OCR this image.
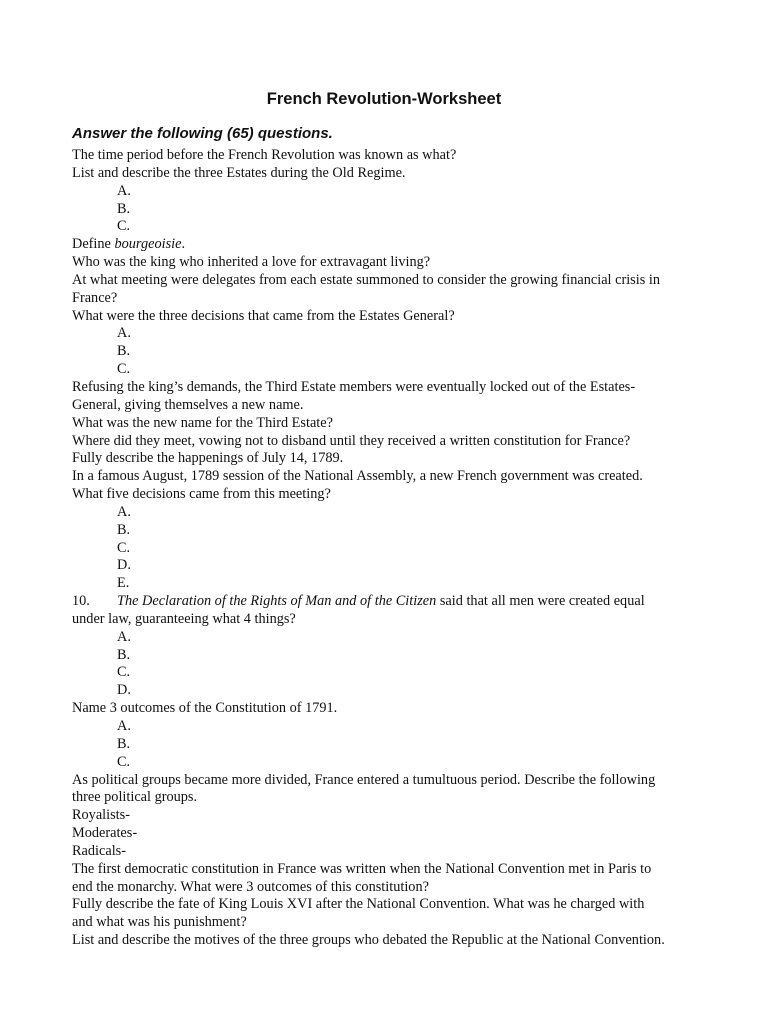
French Revolution-Worksheet
Answer the following (65) questions.

The time period before the French Revolution was known as what?

List and describe the three Estates during the Old Regime.

A.

B.

C.

Define bourgeoisie.

Who was the king who inherited a love for extravagant living?

At what meeting were delegates from each estate summoned to consider the growing financial crisis in

France?

What were the three decisions that came from the Estates General?

A.

B.

C.

Refusing the king’s demands, the Third Estate members were eventually locked out of the Estates-

General, giving themselves a new name.

What was the new name for the Third Estate?

Where did they meet, vowing not to disband until they received a written constitution for France?

Fully describe the happenings of July 14, 1789.

In a famous August, 1789 session of the National Assembly, a new French government was created.

What five decisions came from this meeting?

A.

B.

C.

D.

E.

10. The Declaration of the Rights of Man and of the Citizen said that all men were created equal

under law, guaranteeing what 4 things?

A.

B.

C.

D.

Name 3 outcomes of the Constitution of 1791.

A.

B.

C.

As political groups became more divided, France entered a tumultuous period. Describe the following

three political groups.

Royalists-

Moderates-

Radicals-

The first democratic constitution in France was written when the National Convention met in Paris to

end the monarchy. What were 3 outcomes of this constitution?

Fully describe the fate of King Louis XVI after the National Convention. What was he charged with

and what was his punishment?

List and describe the motives of the three groups who debated the Republic at the National Convention.
